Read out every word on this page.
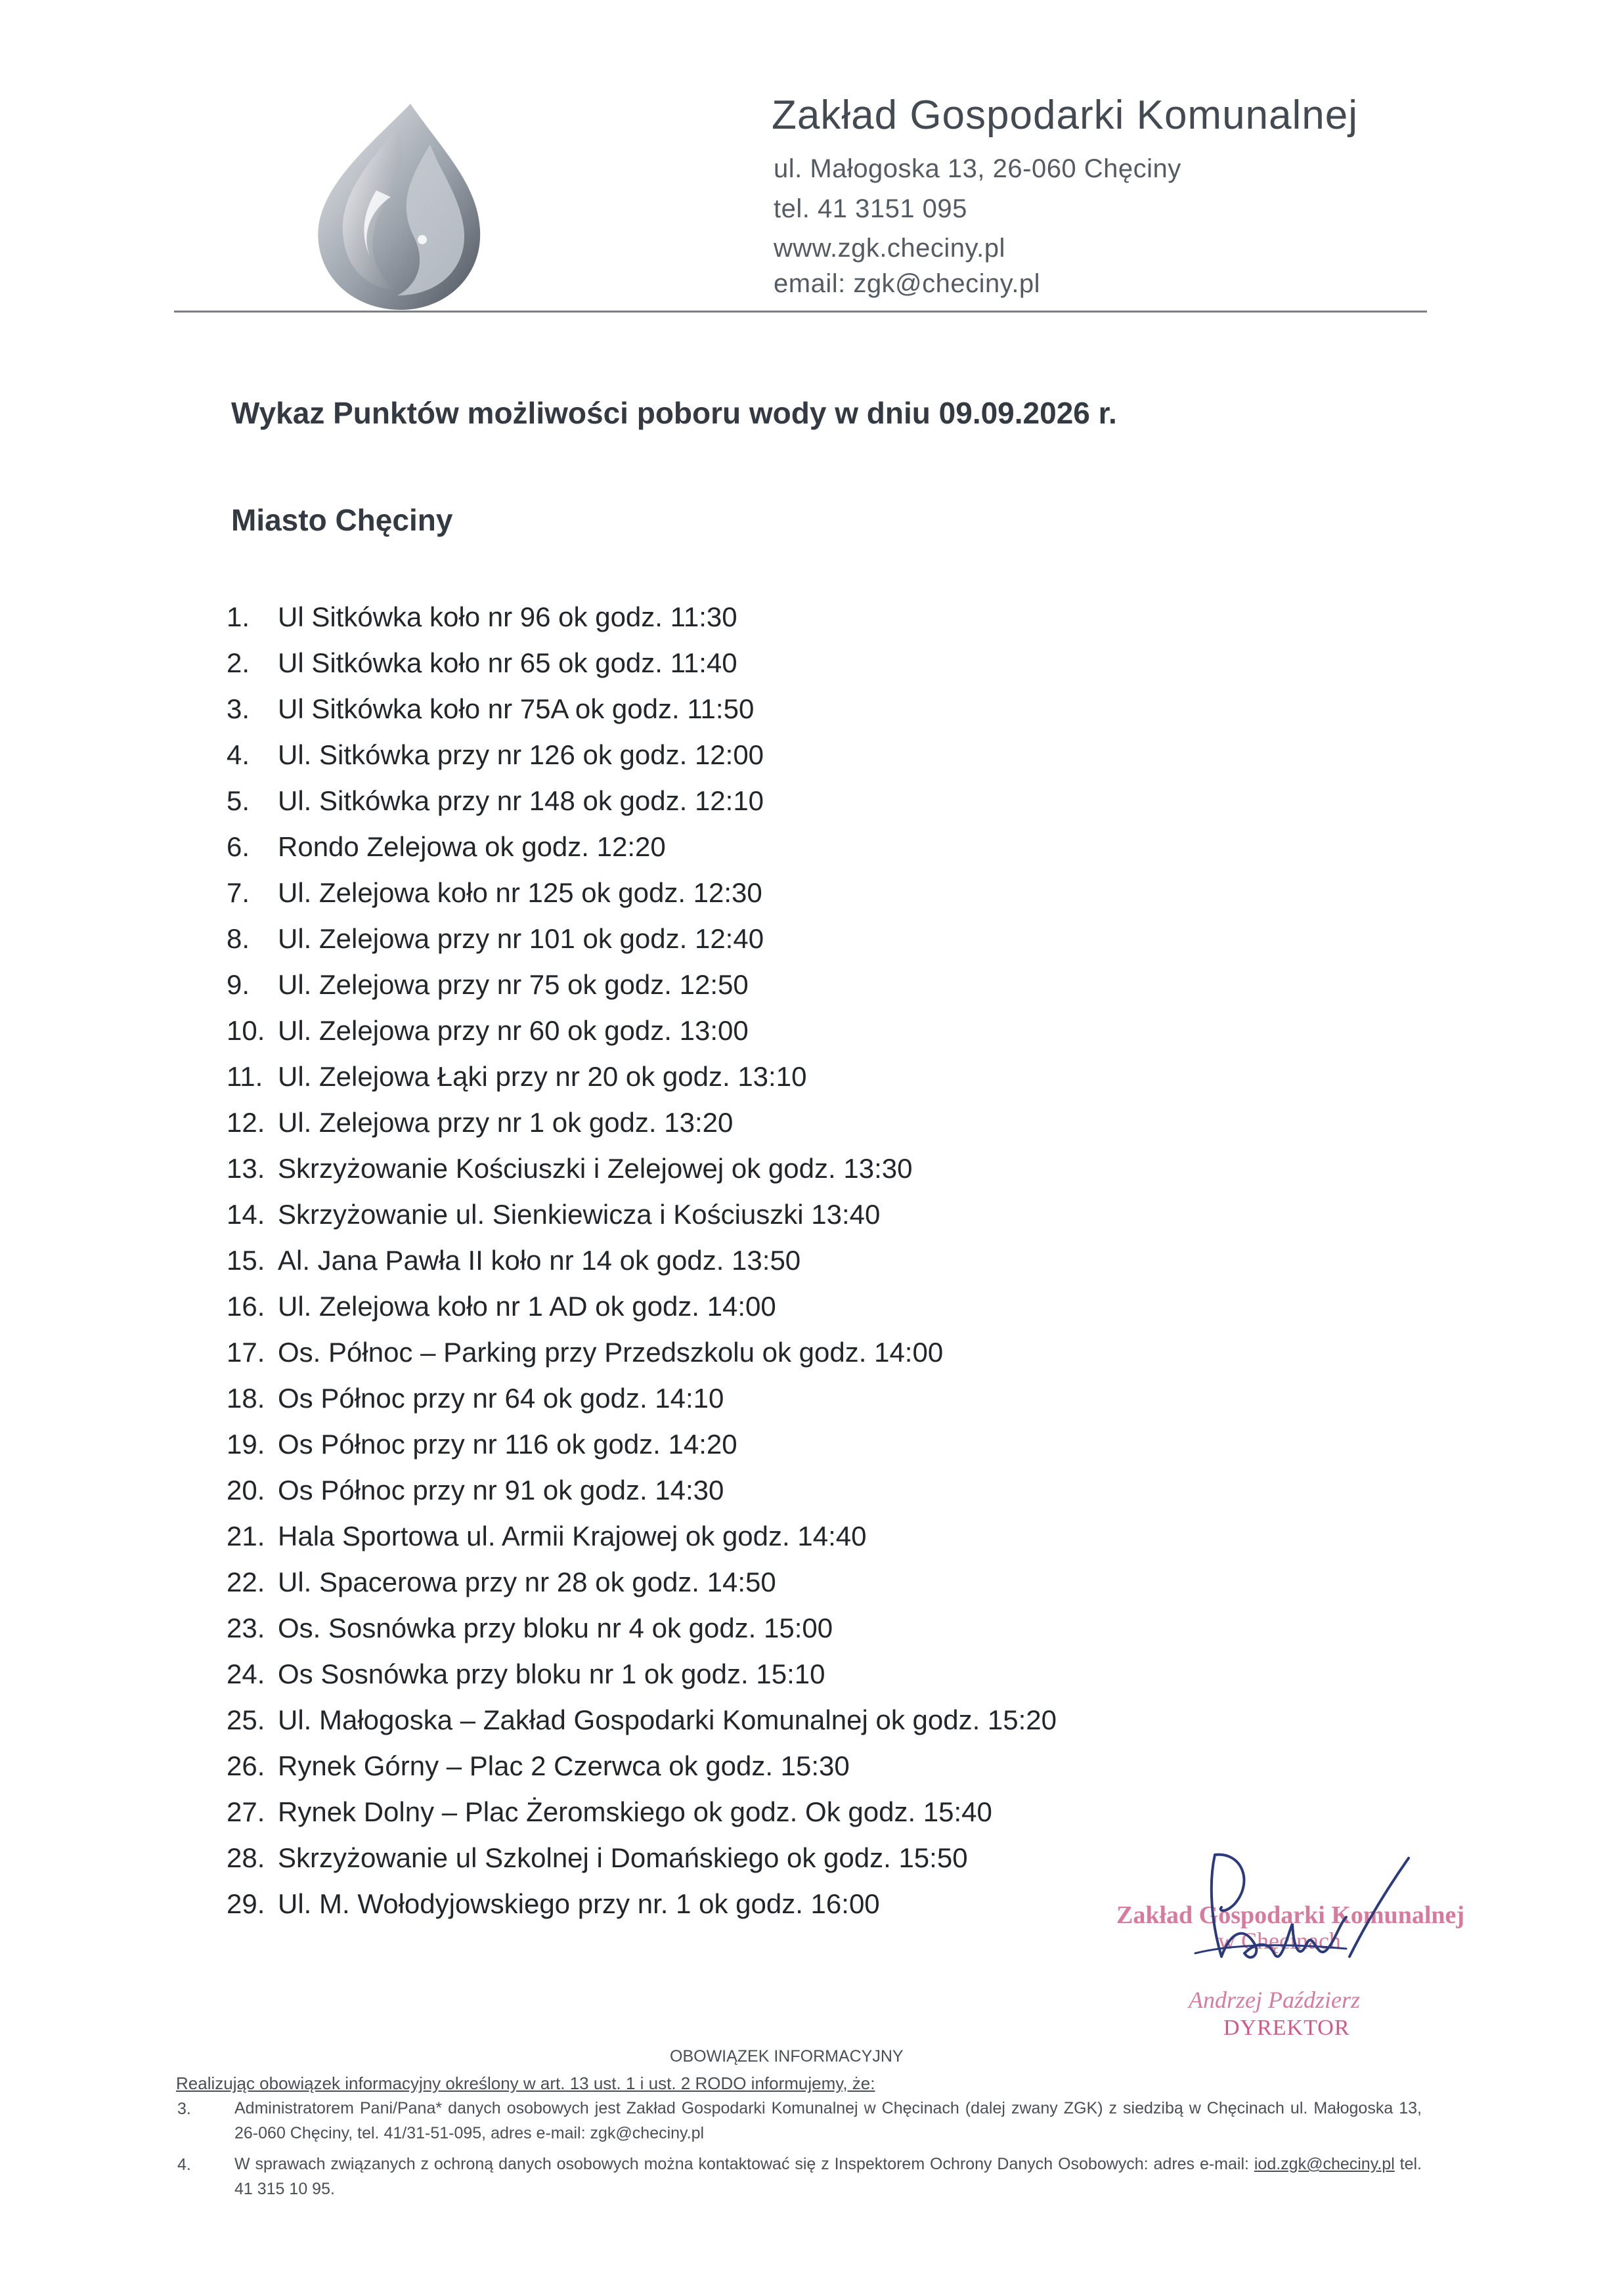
Zakład Gospodarki Komunalnej
ul. Małogoska 13, 26-060 Chęciny
tel. 41 3151 095
www.zgk.checiny.pl
email: zgk@checiny.pl
Wykaz Punktów możliwości poboru wody w dniu 09.09.2026 r.
Miasto Chęciny
1. Ul Sitkówka koło nr 96 ok godz. 11:30
2. Ul Sitkówka koło nr 65 ok godz. 11:40
3. Ul Sitkówka koło nr 75A ok godz. 11:50
4. Ul. Sitkówka przy nr 126 ok godz. 12:00
5. Ul. Sitkówka przy nr 148 ok godz. 12:10
6. Rondo Zelejowa ok godz. 12:20
7. Ul. Zelejowa koło nr 125 ok godz. 12:30
8. Ul. Zelejowa przy nr 101 ok godz. 12:40
9. Ul. Zelejowa przy nr 75 ok godz. 12:50
10. Ul. Zelejowa przy nr 60 ok godz. 13:00
11. Ul. Zelejowa Łąki przy nr 20 ok godz. 13:10
12. Ul. Zelejowa przy nr 1 ok godz. 13:20
13. Skrzyżowanie Kościuszki i Zelejowej ok godz. 13:30
14. Skrzyżowanie ul. Sienkiewicza i Kościuszki 13:40
15. Al. Jana Pawła II koło nr 14 ok godz. 13:50
16. Ul. Zelejowa koło nr 1 AD ok godz. 14:00
17. Os. Północ – Parking przy Przedszkolu ok godz. 14:00
18. Os Północ przy nr 64 ok godz. 14:10
19. Os Północ przy nr 116 ok godz. 14:20
20. Os Północ przy nr 91 ok godz. 14:30
21. Hala Sportowa ul. Armii Krajowej ok godz. 14:40
22. Ul. Spacerowa przy nr 28 ok godz. 14:50
23. Os. Sosnówka przy bloku nr 4 ok godz. 15:00
24. Os Sosnówka przy bloku nr 1 ok godz. 15:10
25. Ul. Małogoska – Zakład Gospodarki Komunalnej ok godz. 15:20
26. Rynek Górny – Plac 2 Czerwca ok godz. 15:30
27. Rynek Dolny – Plac Żeromskiego ok godz. Ok godz. 15:40
28. Skrzyżowanie ul Szkolnej i Domańskiego ok godz. 15:50
29. Ul. M. Wołodyjowskiego przy nr. 1 ok godz. 16:00	Zakład Gospodarki Komunalnej
w Chęcinach
Andrzej Paździerz
DYREKTOR
OBOWIĄZEK INFORMACYJNY
Realizując obowiązek informacyjny określony w art. 13 ust. 1 i ust. 2 RODO informujemy, że:
3.	Administratorem Pani/Pana* danych osobowych jest Zakład Gospodarki Komunalnej w Chęcinach (dalej zwany ZGK) z siedzibą w Chęcinach ul. Małogoska 13, 26-060 Chęciny, tel. 41/31-51-095, adres e-mail: zgk@checiny.pl
4.	W sprawach związanych z ochroną danych osobowych można kontaktować się z Inspektorem Ochrony Danych Osobowych: adres e-mail: iod.zgk@checiny.pl tel. 41 315 10 95.
